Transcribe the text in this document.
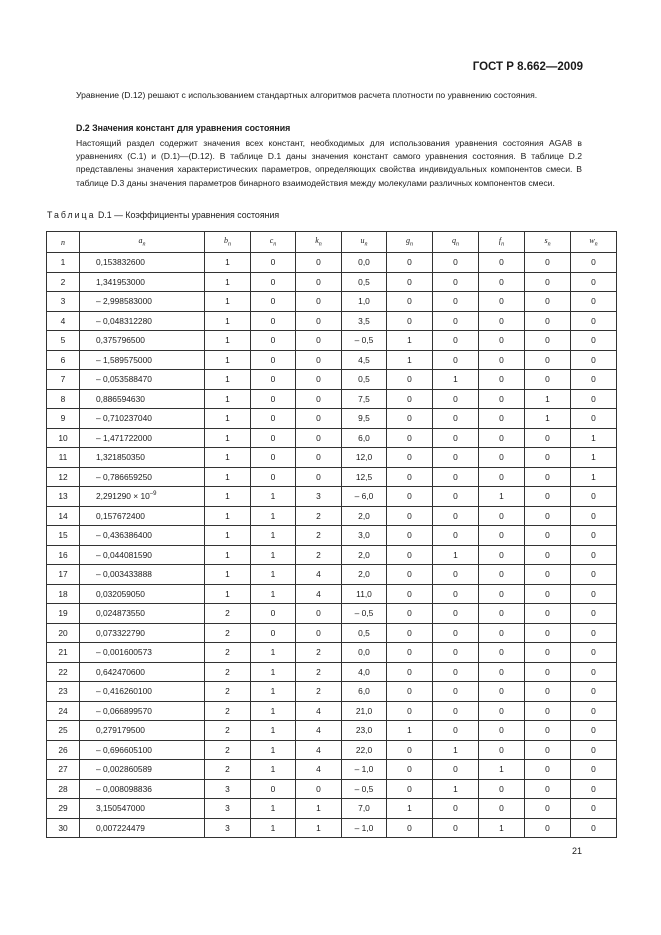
ГОСТ Р 8.662—2009
Уравнение (D.12) решают с использованием стандартных алгоритмов расчета плотности по уравнению состояния.
D.2 Значения констант для уравнения состояния
Настоящий раздел содержит значения всех констант, необходимых для использования уравнения состояния AGA8 в уравнениях (С.1) и (D.1)—(D.12). В таблице D.1 даны значения констант самого уравнения состояния. В таблице D.2 представлены значения характеристических параметров, определяющих свойства индивидуальных компонентов смеси. В таблице D.3 даны значения параметров бинарного взаимодействия между молекулами различных компонентов смеси.
Таблица D.1 — Коэффициенты уравнения состояния
n	$a_n$	$b_n$	$c_n$	$k_n$	$u_n$	$g_n$	$q_n$	$f_n$	$s_n$	$w_n$
1	0,153832600	1	0	0	0,0	0	0	0	0	0
2	1,341953000	1	0	0	0,5	0	0	0	0	0
3	– 2,998583000	1	0	0	1,0	0	0	0	0	0
4	– 0,048312280	1	0	0	3,5	0	0	0	0	0
5	0,375796500	1	0	0	– 0,5	1	0	0	0	0
6	– 1,589575000	1	0	0	4,5	1	0	0	0	0
7	– 0,053588470	1	0	0	0,5	0	1	0	0	0
8	0,886594630	1	0	0	7,5	0	0	0	1	0
9	– 0,710237040	1	0	0	9,5	0	0	0	1	0
10	– 1,471722000	1	0	0	6,0	0	0	0	0	1
11	1,321850350	1	0	0	12,0	0	0	0	0	1
12	– 0,786659250	1	0	0	12,5	0	0	0	0	1
13	$2,291290 \times 10^{-9}$	1	1	3	– 6,0	0	0	1	0	0
14	0,157672400	1	1	2	2,0	0	0	0	0	0
15	– 0,436386400	1	1	2	3,0	0	0	0	0	0
16	– 0,044081590	1	1	2	2,0	0	1	0	0	0
17	– 0,003433888	1	1	4	2,0	0	0	0	0	0
18	0,032059050	1	1	4	11,0	0	0	0	0	0
19	0,024873550	2	0	0	– 0,5	0	0	0	0	0
20	0,073322790	2	0	0	0,5	0	0	0	0	0
21	– 0,001600573	2	1	2	0,0	0	0	0	0	0
22	0,642470600	2	1	2	4,0	0	0	0	0	0
23	– 0,416260100	2	1	2	6,0	0	0	0	0	0
24	– 0,066899570	2	1	4	21,0	0	0	0	0	0
25	0,279179500	2	1	4	23,0	1	0	0	0	0
26	– 0,696605100	2	1	4	22,0	0	1	0	0	0
27	– 0,002860589	2	1	4	– 1,0	0	0	1	0	0
28	– 0,008098836	3	0	0	– 0,5	0	1	0	0	0
29	3,150547000	3	1	1	7,0	1	0	0	0	0
30	0,007224479	3	1	1	– 1,0	0	0	1	0	0
21
